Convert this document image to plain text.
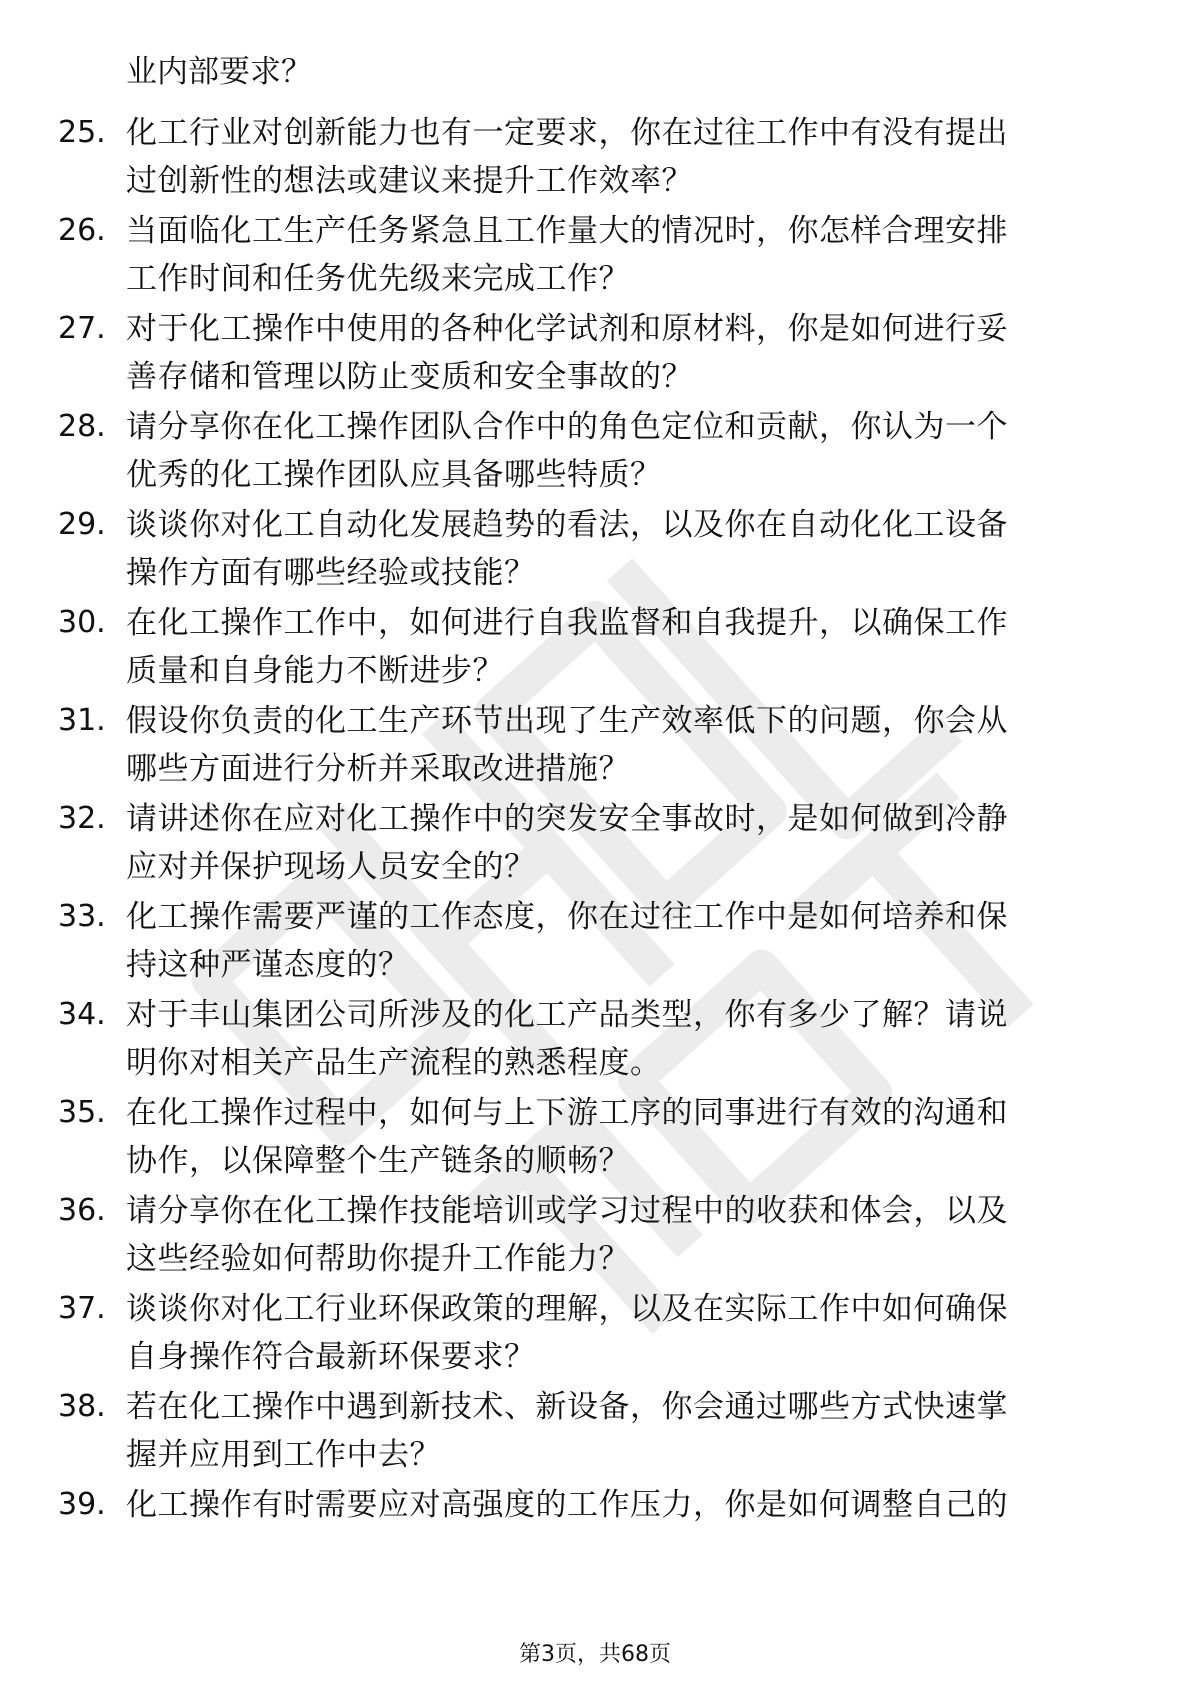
业内部要求？
25. 化工行业对创新能力也有一定要求，你在过往工作中有没有提出
过创新性的想法或建议来提升工作效率？
26. 当面临化工生产任务紧急且工作量大的情况时，你怎样合理安排
工作时间和任务优先级来完成工作？
27. 对于化工操作中使用的各种化学试剂和原材料，你是如何进行妥
善存储和管理以防止变质和安全事故的？
28. 请分享你在化工操作团队合作中的角色定位和贡献，你认为一个
优秀的化工操作团队应具备哪些特质？
29. 谈谈你对化工自动化发展趋势的看法，以及你在自动化化工设备
操作方面有哪些经验或技能？
30. 在化工操作工作中，如何进行自我监督和自我提升，以确保工作
质量和自身能力不断进步？
31. 假设你负责的化工生产环节出现了生产效率低下的问题，你会从
哪些方面进行分析并采取改进措施？
32. 请讲述你在应对化工操作中的突发安全事故时，是如何做到冷静
应对并保护现场人员安全的？
33. 化工操作需要严谨的工作态度，你在过往工作中是如何培养和保
持这种严谨态度的？
34. 对于丰山集团公司所涉及的化工产品类型，你有多少了解？请说
明你对相关产品生产流程的熟悉程度。
35. 在化工操作过程中，如何与上下游工序的同事进行有效的沟通和
协作，以保障整个生产链条的顺畅？
36. 请分享你在化工操作技能培训或学习过程中的收获和体会，以及
这些经验如何帮助你提升工作能力？
37. 谈谈你对化工行业环保政策的理解，以及在实际工作中如何确保
自身操作符合最新环保要求？
38. 若在化工操作中遇到新技术、新设备，你会通过哪些方式快速掌
握并应用到工作中去？
39. 化工操作有时需要应对高强度的工作压力，你是如何调整自己的
第3页，共68页
